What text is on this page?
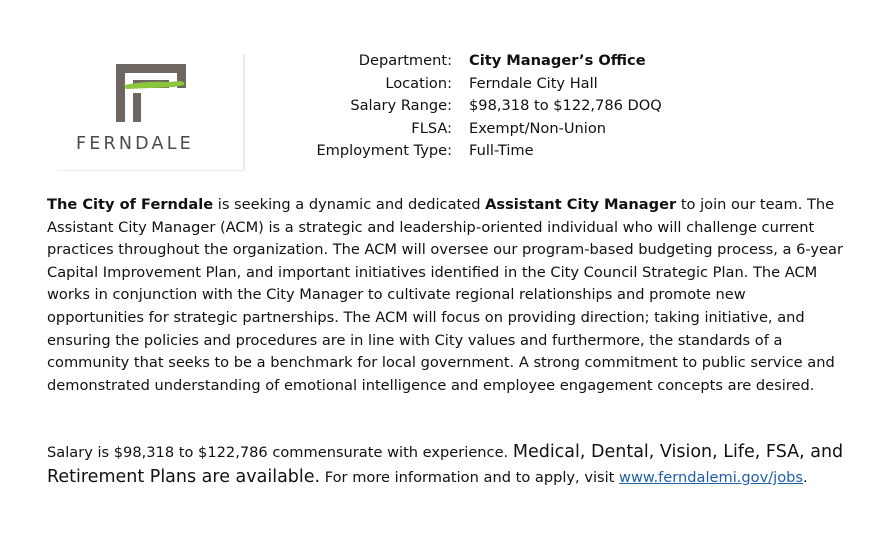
FERNDALE
Department:	City Manager’s Office
Location:	Ferndale City Hall
Salary Range:	$98,318 to $122,786 DOQ
FLSA:	Exempt/Non-Union
Employment Type:	Full-Time

The City of Ferndale is seeking a dynamic and dedicated Assistant City Manager to join our team. The Assistant City Manager (ACM) is a strategic and leadership-oriented individual who will challenge current practices throughout the organization. The ACM will oversee our program-based budgeting process, a 6-year Capital Improvement Plan, and important initiatives identified in the City Council Strategic Plan. The ACM works in conjunction with the City Manager to cultivate regional relationships and promote new opportunities for strategic partnerships. The ACM will focus on providing direction; taking initiative, and ensuring the policies and procedures are in line with City values and furthermore, the standards of a community that seeks to be a benchmark for local government. A strong commitment to public service and demonstrated understanding of emotional intelligence and employee engagement concepts are desired.

Salary is $98,318 to $122,786 commensurate with experience. Medical, Dental, Vision, Life, FSA, and Retirement Plans are available. For more information and to apply, visit www.ferndalemi.gov/jobs.
